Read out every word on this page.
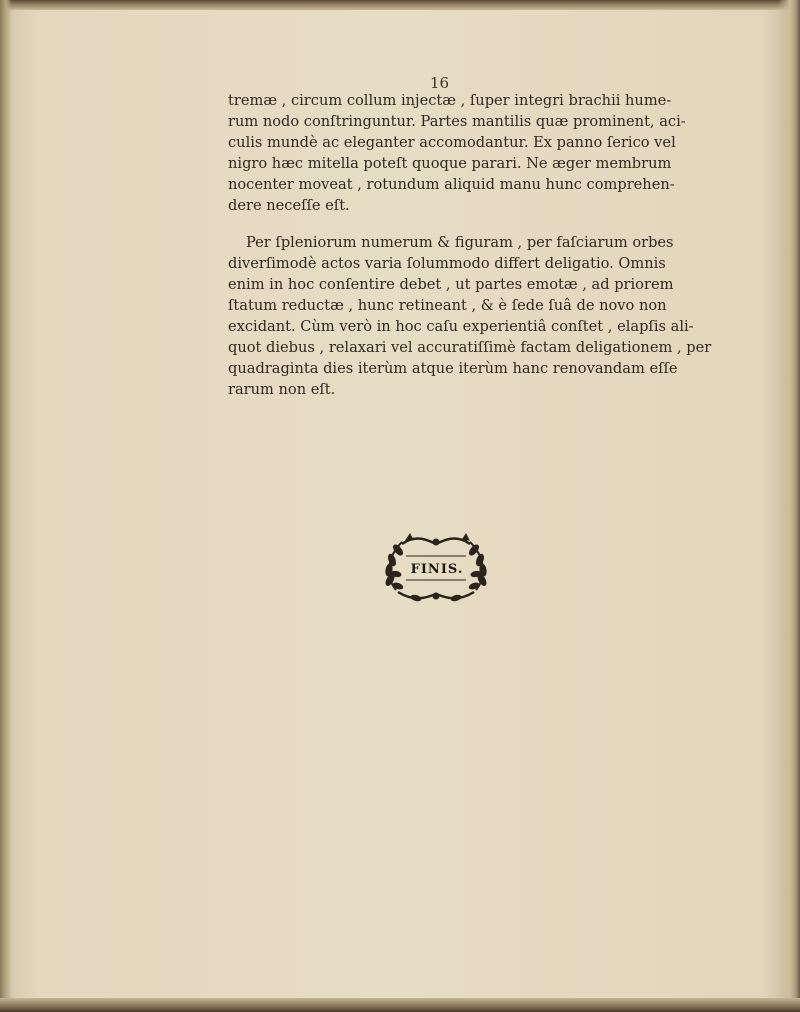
16

tremæ , circum collum injectæ , ſuper integri brachii hume-
rum nodo conſtringuntur. Partes mantilis quæ prominent, aci-
culis mundè ac eleganter accomodantur. Ex panno ſerico vel
nigro hæc mitella poteſt quoque parari. Ne æger membrum
nocenter moveat , rotundum aliquid manu hunc comprehen-
dere neceſſe eſt.

Per ſpleniorum numerum & figuram , per faſciarum orbes
diverſimodè actos varia ſolummodo differt deligatio. Omnis
enim in hoc conſentire debet , ut partes emotæ , ad priorem
ſtatum reductæ , hunc retineant , & è ſede ſuâ de novo non
excidant. Cùm verò in hoc caſu experientiâ conſtet , elapſis ali-
quot diebus , relaxari vel accuratiſſimè factam deligationem , per
quadraginta dies iterùm atque iterùm hanc renovandam eſſe
rarum non eſt.

FINIS.
